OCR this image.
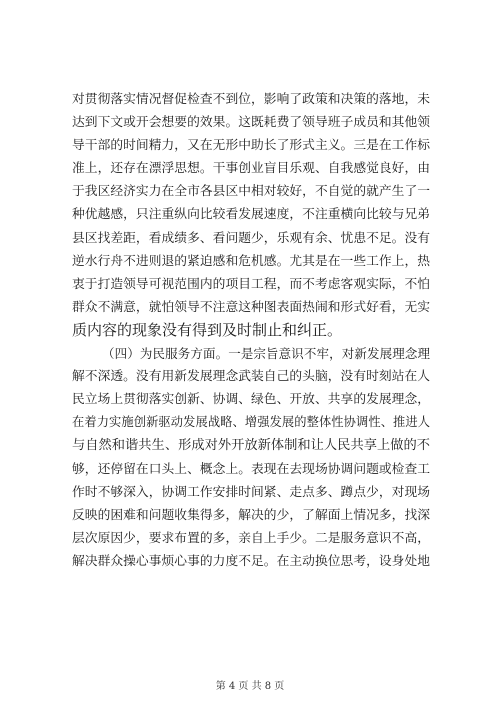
对贯彻落实情况督促检查不到位，影响了政策和决策的落地，未
达到下文或开会想要的效果。这既耗费了领导班子成员和其他领
导干部的时间精力，又在无形中助长了形式主义。三是在工作标
准上，还存在漂浮思想。干事创业盲目乐观、自我感觉良好，由
于我区经济实力在全市各县区中相对较好，不自觉的就产生了一
种优越感，只注重纵向比较看发展速度，不注重横向比较与兄弟
县区找差距，看成绩多、看问题少，乐观有余、忧患不足。没有
逆水行舟不进则退的紧迫感和危机感。尤其是在一些工作上，热
衷于打造领导可视范围内的项目工程，而不考虑客观实际，不怕
群众不满意，就怕领导不注意这种图表面热闹和形式好看，无实
质内容的现象没有得到及时制止和纠正。
（四）为民服务方面。一是宗旨意识不牢，对新发展理念理
解不深透。没有用新发展理念武装自己的头脑，没有时刻站在人
民立场上贯彻落实创新、协调、绿色、开放、共享的发展理念，
在着力实施创新驱动发展战略、增强发展的整体性协调性、推进人
与自然和谐共生、形成对外开放新体制和让人民共享上做的不
够，还停留在口头上、概念上。表现在去现场协调问题或检查工
作时不够深入，协调工作安排时间紧、走点多、蹲点少，对现场
反映的困难和问题收集得多，解决的少，了解面上情况多，找深
层次原因少，要求布置的多，亲自上手少。二是服务意识不高，
解决群众操心事烦心事的力度不足。在主动换位思考，设身处地
第 4 页 共 8 页
